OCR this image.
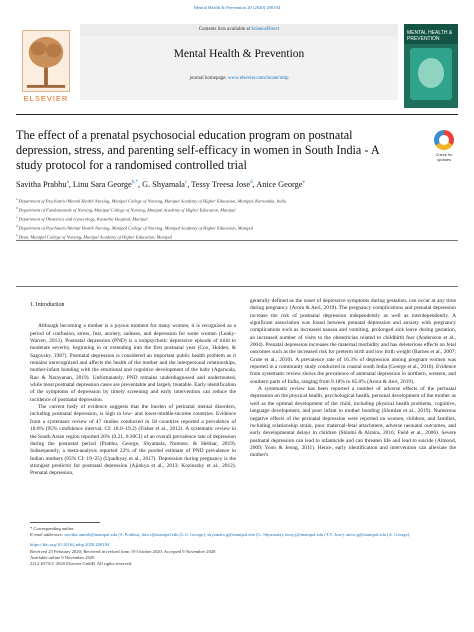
Mental Health & Prevention 20 (2020) 200194
ELSEVIER
Contents lists available at ScienceDirect
Mental Health & Prevention
journal homepage: www.elsevier.com/locate/mhp
MENTAL HEALTH & PREVENTION
The effect of a prenatal psychosocial education program on postnatal depression, stress, and parenting self-efficacy in women in South India - A study protocol for a randomised controlled trial
Check for updates
Savitha Prabhu$^a$, Linu Sara George$^{b,*}$, G. Shyamala$^c$, Tessy Treesa Jose$^d$, Anice George$^e$
$^a$Department of Psychiatric/Mental Health Nursing, Manipal College of Nursing, Manipal Academy of Higher Education, Manipal, Karnataka, India
$^b$Department of Fundamentals of Nursing, Manipal College of Nursing, Manipal Academy of Higher Education, Manipal
$^c$Department of Obstetrics and Gynecology, Kasturba Hospital, Manipal
$^d$Department of Psychiatric/Mental Health Nursing, Manipal College of Nursing, Manipal Academy of Higher Education, Manipal
$^e$Dean, Manipal College of Nursing, Manipal Academy of Higher Education, Manipal
1. Introduction

Although becoming a mother is a joyous moment for many women, it is recognized as a period of confusion, stress, fear, anxiety, sadness, and depression for some women (Leahy-Warren, 2013). Postnatal depression (PND) is a nonpsychotic depressive episode of mild to moderate severity, beginning in or extending into the first postnatal year (Cox, Holden, & Sagovsky, 1987). Postnatal depression is considered an important public health problem as it remains unrecognized and affects the health of the mother and the interpersonal relationships, mother-infant bonding with the emotional and cognitive development of the baby (Agarwala, Rao & Narayanan, 2019). Unfortunately, PND remains underdiagnosed and undertreated, while most postnatal depression cases are preventable and largely treatable. Early identification of the symptoms of depression by timely screening and early intervention can reduce the incidence of postnatal depression.

The current body of evidence suggests that the burden of perinatal mental disorders, including postnatal depression, is high in low- and lower-middle-income countries. Evidence from a systematic review of 47 studies conducted in 18 countries reported a prevalence of 18.6% (95% confidence interval, CI: 18.0–19.2) (Fisher et al., 2012). A systematic review in the South Asian region reported 26% (0.21, 0.30CI) of an overall prevalence rate of depression during the postnatal period (Prabhu, George, Shyamala, Nomoto, & Hebbar, 2019). Subsequently, a meta-analysis reported 22% of the pooled estimate of PND prevalence in Indian mothers (95% CI: 19–25) (Upadhyay et al., 2017). Depression during pregnancy is the strongest predictor for postnatal depression (Ajinkya et al., 2013; Kozinszky et al., 2012). Prenatal depression,

generally defined as the onset of depressive symptoms during gestation, can occur at any time during pregnancy (Arora & Aeri, 2019). The pregnancy complications and prenatal depression increase the risk of postnatal depression independently as well as interdependently. A significant association was found between prenatal depression and anxiety with pregnancy complications such as increased nausea and vomiting, prolonged sick leave during gestation, an increased number of visits to the obstetrician related to childbirth fear (Andersson et al., 2004). Prenatal depression increases the maternal morbidity and has deleterious effects on fetal outcomes such as the increased risk for preterm birth and low birth weight (Barnes et al., 2007; Grote et al., 2010). A prevalence rate of 16.3% of depression among pregnant women was reported in a community study conducted in coastal south India (George et al., 2016). Evidence from systematic review shows the prevalence of antenatal depression in northern, western, and southern parts of India, ranging from 9.18% to 65.0% (Arora & Aeri, 2019).

A systematic review has been reported a number of adverse effects of the perinatal depression on the physical health, psychological health, personal development of the mother as well as the optimal development of the child, including physical health problems, cognitive, language development, and poor infant to mother bonding (Slomian et al., 2019). Numerous negative effects of the perinatal depression were reported on women, children, and families, including relationship strain, poor maternal-fetal attachment, adverse neonatal outcomes, and early developmental delays in children (Shlomi & Alraira, 2016; Field et al., 2006). Severe postnatal depression can lead to infanticide and can threaten life and lead to suicide (Almond, 2009; Yoon & Jeong, 2011). Hence, early identification and intervention can alleviate the mother's

* Corresponding author.
E-mail addresses: savitha.umesh@manipal.edu (S. Prabhu), linu.s@manipal.edu (L.S. George), shyamala.g@manipal.edu (G. Shyamala), tessy.j@manipal.edu (T.T. Jose), anice.g@manipal.edu (A. George).
https://doi.org/10.1016/j.mhp.2020.200194
Received 25 February 2020; Received in revised form 19 October 2020; Accepted 9 November 2020
Available online 9 November 2020
2212-6570/© 2020 Elsevier GmbH. All rights reserved.
